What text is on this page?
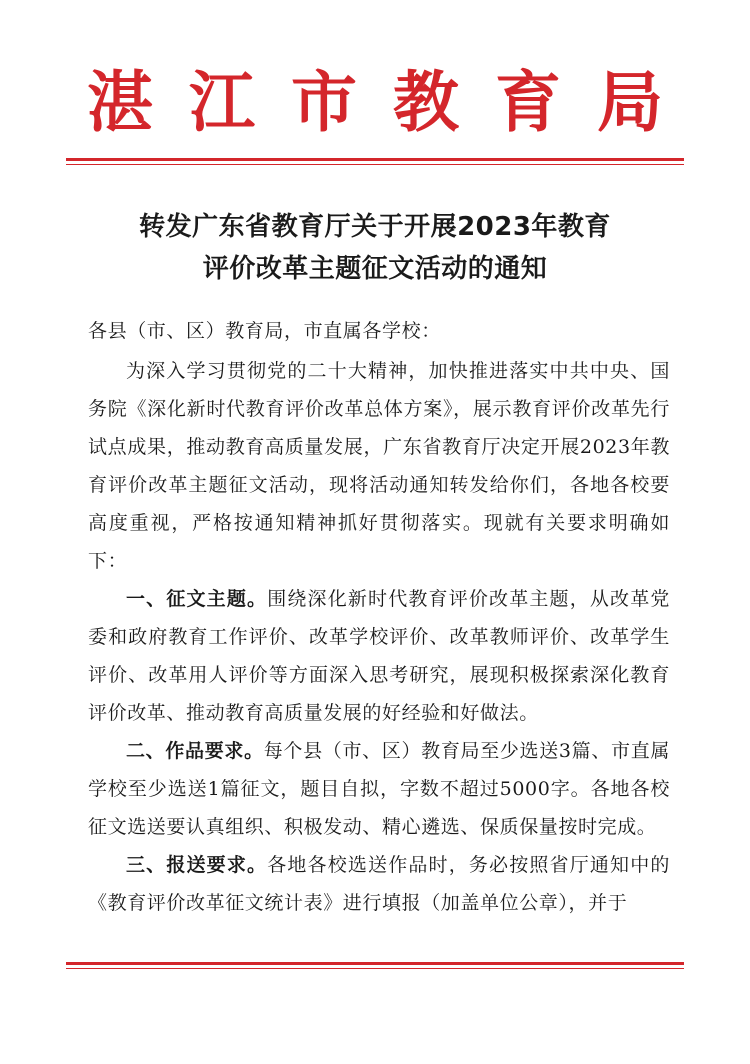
湛江市教育局
转发广东省教育厅关于开展2023年教育
评价改革主题征文活动的通知

各县（市、区）教育局，市直属各学校：

为深入学习贯彻党的二十大精神，加快推进落实中共中央、国务院《深化新时代教育评价改革总体方案》，展示教育评价改革先行试点成果，推动教育高质量发展，广东省教育厅决定开展2023年教育评价改革主题征文活动，现将活动通知转发给你们，各地各校要高度重视，严格按通知精神抓好贯彻落实。现就有关要求明确如下：

一、征文主题。围绕深化新时代教育评价改革主题，从改革党委和政府教育工作评价、改革学校评价、改革教师评价、改革学生评价、改革用人评价等方面深入思考研究，展现积极探索深化教育评价改革、推动教育高质量发展的好经验和好做法。

二、作品要求。每个县（市、区）教育局至少选送3篇、市直属学校至少选送1篇征文，题目自拟，字数不超过5000字。各地各校征文选送要认真组织、积极发动、精心遴选、保质保量按时完成。

三、报送要求。各地各校选送作品时，务必按照省厅通知中的《教育评价改革征文统计表》进行填报（加盖单位公章），并于
